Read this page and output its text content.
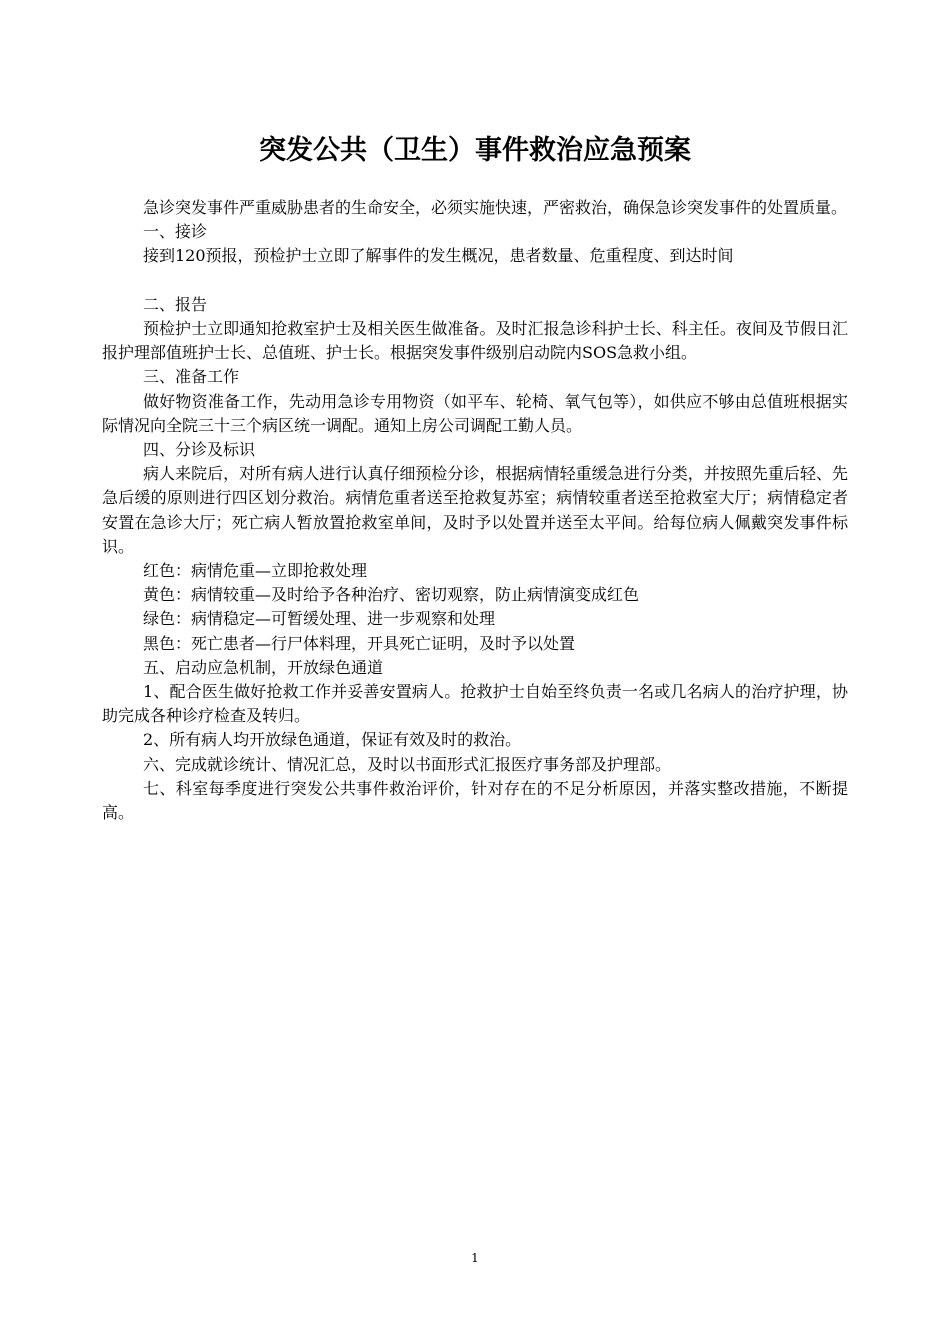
突发公共（卫生）事件救治应急预案

急诊突发事件严重威胁患者的生命安全，必须实施快速，严密救治，确保急诊突发事件的处置质量。

一、接诊

接到120预报，预检护士立即了解事件的发生概况，患者数量、危重程度、到达时间

二、报告

预检护士立即通知抢救室护士及相关医生做准备。及时汇报急诊科护士长、科主任。夜间及节假日汇报护理部值班护士长、总值班、护士长。根据突发事件级别启动院内SOS急救小组。

三、准备工作

做好物资准备工作，先动用急诊专用物资（如平车、轮椅、氧气包等），如供应不够由总值班根据实际情况向全院三十三个病区统一调配。通知上房公司调配工勤人员。

四、分诊及标识

病人来院后，对所有病人进行认真仔细预检分诊，根据病情轻重缓急进行分类，并按照先重后轻、先急后缓的原则进行四区划分救治。病情危重者送至抢救复苏室；病情较重者送至抢救室大厅；病情稳定者安置在急诊大厅；死亡病人暂放置抢救室单间，及时予以处置并送至太平间。给每位病人佩戴突发事件标识。

红色：病情危重—立即抢救处理

黄色：病情较重—及时给予各种治疗、密切观察，防止病情演变成红色

绿色：病情稳定—可暂缓处理、进一步观察和处理

黑色：死亡患者—行尸体料理，开具死亡证明，及时予以处置

五、启动应急机制，开放绿色通道

1、配合医生做好抢救工作并妥善安置病人。抢救护士自始至终负责一名或几名病人的治疗护理，协助完成各种诊疗检查及转归。

2、所有病人均开放绿色通道，保证有效及时的救治。

六、完成就诊统计、情况汇总，及时以书面形式汇报医疗事务部及护理部。

七、科室每季度进行突发公共事件救治评价，针对存在的不足分析原因，并落实整改措施，不断提高。

1
